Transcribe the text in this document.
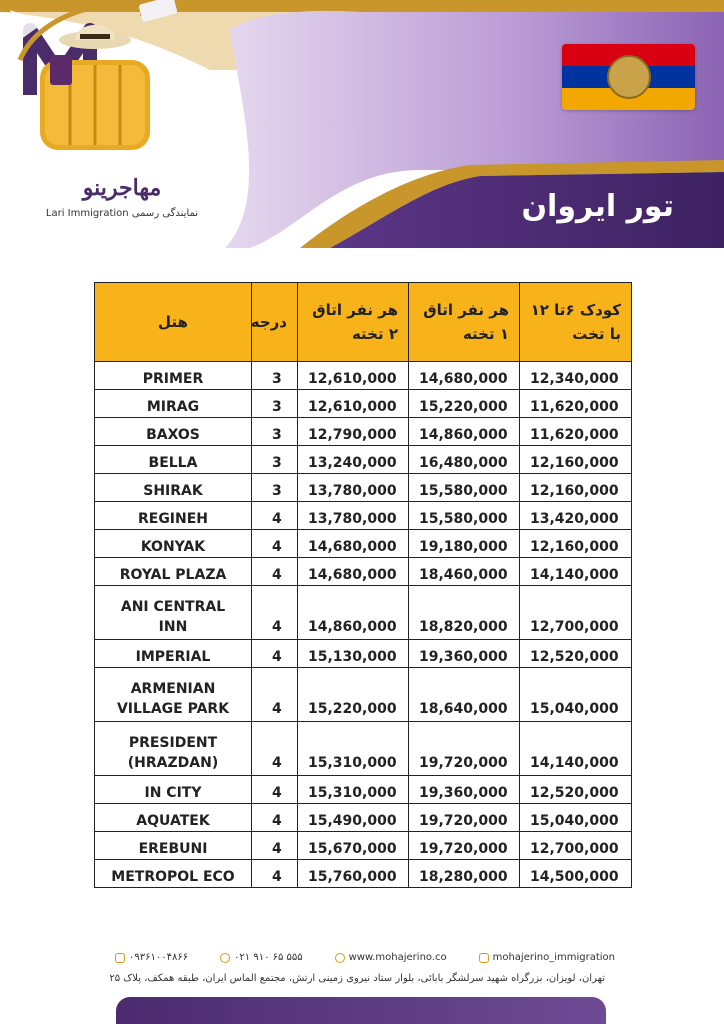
مهاجرینو
نمایندگی رسمی Lari Immigration	تور ایروان
کودک ۶تا ۱۲ با تخت	هر نفر اتاق ۱ تخته	هر نفر اتاق ۲ تخته	درجه	هتل
12,340,000	14,680,000	12,610,000	3	PRIMER
11,620,000	15,220,000	12,610,000	3	MIRAG
11,620,000	14,860,000	12,790,000	3	BAXOS
12,160,000	16,480,000	13,240,000	3	BELLA
12,160,000	15,580,000	13,780,000	3	SHIRAK
13,420,000	15,580,000	13,780,000	4	REGINEH
12,160,000	19,180,000	14,680,000	4	KONYAK
14,140,000	18,460,000	14,680,000	4	ROYAL PLAZA
12,700,000	18,820,000	14,860,000	4	ANI CENTRAL INN
12,520,000	19,360,000	15,130,000	4	IMPERIAL
15,040,000	18,640,000	15,220,000	4	ARMENIAN VILLAGE PARK
14,140,000	19,720,000	15,310,000	4	PRESIDENT (HRAZDAN)
12,520,000	19,360,000	15,310,000	4	IN CITY
15,040,000	19,720,000	15,490,000	4	AQUATEK
12,700,000	19,720,000	15,670,000	4	EREBUNI
14,500,000	18,280,000	15,760,000	4	METROPOL ECO
۰۹۳۶۱۰۰۴۸۶۶	۰۲۱ ۹۱۰ ۶۵ ۵۵۵	www.mohajerino.co	mohajerino_immigration
تهران، لویزان، بزرگراه شهید سرلشگر بابائی، بلوار ستاد نیروی زمینی ارتش، مجتمع الماس ایران، طبقه همکف، پلاک ۲۵
